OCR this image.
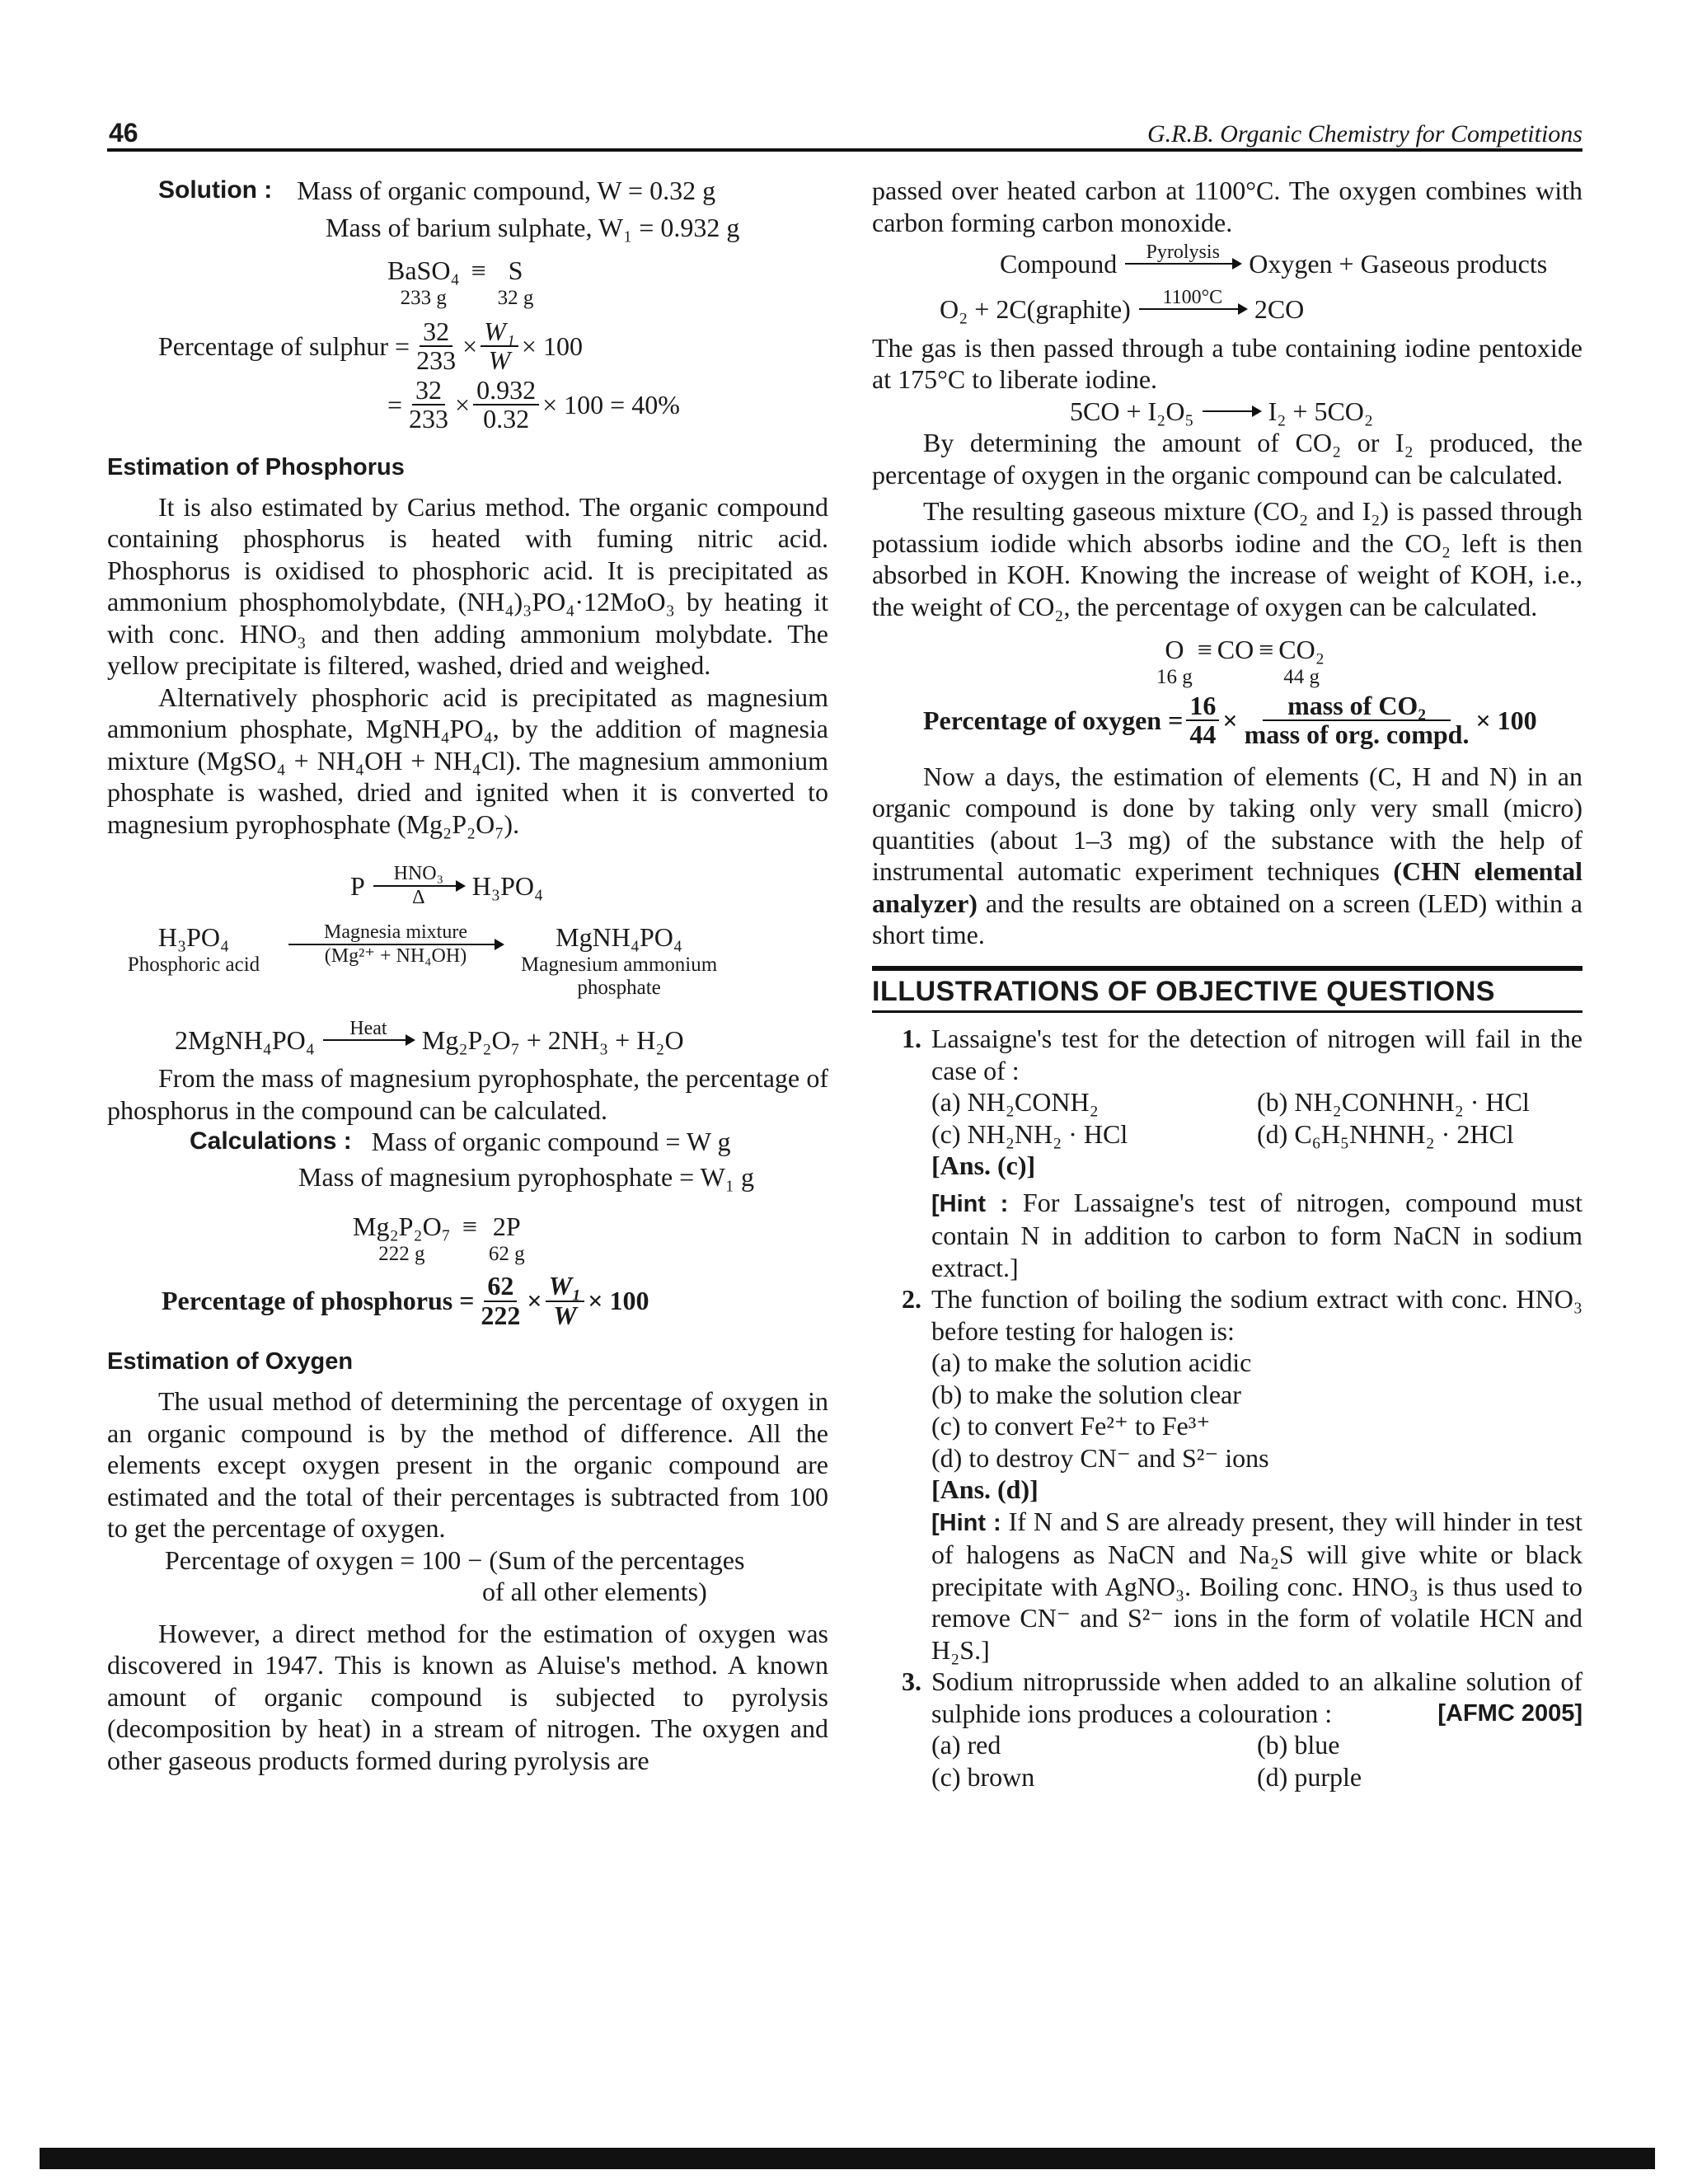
46	G.R.B. Organic Chemistry for Competitions
Solution : Mass of organic compound, W = 0.32 g
Mass of barium sulphate, W₁ = 0.932 g
BaSO₄
233 g
≡ S
32 g
Percentage of sulphur = $\frac{32}{233} \times \frac{\text{W₁}}{W} \times 100$
= $\frac{32}{233} \times \frac{0.932}{0.32} \times 100 = 40\%$
Estimation of Phosphorus

It is also estimated by Carius method. The organic compound containing phosphorus is heated with fuming nitric acid. Phosphorus is oxidised to phosphoric acid. It is precipitated as ammonium phosphomolybdate, (NH₄)₃PO₄·12MoO₃ by heating it with conc. HNO₃ and then adding ammonium molybdate. The yellow precipitate is filtered, washed, dried and weighed.

Alternatively phosphoric acid is precipitated as magnesium ammonium phosphate, MgNH₄PO₄, by the addition of magnesia mixture (MgSO₄ + NH₄OH + NH₄Cl). The magnesium ammonium phosphate is washed, dried and ignited when it is converted to magnesium pyrophosphate (Mg₂P₂O₇).

P HNO₃
Δ H₃PO₄
H₃PO₄
Phosphoric acid
Magnesia mixture
(Mg²⁺ + NH₄OH)
MgNH₄PO₄
Magnesium ammonium
phosphate
2MgNH₄PO₄ Heat
Mg₂P₂O₇ + 2NH₃ + H₂O

From the mass of magnesium pyrophosphate, the percentage of phosphorus in the compound can be calculated.

Calculations : Mass of organic compound = W g
Mass of magnesium pyrophosphate = W₁ g
Mg₂P₂O₇
222 g
≡ 2P
62 g
Percentage of phosphorus = $\frac{62}{222} \times \frac{\text{W₁}}{W} \times 100$
Estimation of Oxygen

The usual method of determining the percentage of oxygen in an organic compound is by the method of difference. All the elements except oxygen present in the organic compound are estimated and the total of their percentages is subtracted from 100 to get the percentage of oxygen.

Percentage of oxygen = 100 − (Sum of the percentages
of all other elements)

However, a direct method for the estimation of oxygen was discovered in 1947. This is known as Aluise's method. A known amount of organic compound is subjected to pyrolysis (decomposition by heat) in a stream of nitrogen. The oxygen and other gaseous products formed during pyrolysis are

passed over heated carbon at 1100°C. The oxygen combines with carbon forming carbon monoxide.

Compound Pyrolysis
Oxygen + Gaseous products
O₂ + 2C(graphite) 1100°C
2CO

The gas is then passed through a tube containing iodine pentoxide at 175°C to liberate iodine.

5CO + I₂O₅ → I₂ + 5CO₂

By determining the amount of CO₂ or I₂ produced, the percentage of oxygen in the organic compound can be calculated.

The resulting gaseous mixture (CO₂ and I₂) is passed through potassium iodide which absorbs iodine and the CO₂ left is then absorbed in KOH. Knowing the increase of weight of KOH, i.e., the weight of CO₂, the percentage of oxygen can be calculated.

O
16 g
≡ CO ≡ CO₂
44 g
Percentage of oxygen = $\frac{16}{44} \times \frac{\text{mass of CO₂}}{\text{mass of org. compd.}} \times 100$

Now a days, the estimation of elements (C, H and N) in an organic compound is done by taking only very small (micro) quantities (about 1–3 mg) of the substance with the help of instrumental automatic experiment techniques (CHN elemental analyzer) and the results are obtained on a screen (LED) within a short time.

ILLUSTRATIONS OF OBJECTIVE QUESTIONS
1. Lassaigne's test for the detection of nitrogen will fail in the case of :

(a) NH₂CONH₂	(b) NH₂CONHNH₂ · HCl
(c) NH₂NH₂ · HCl	(d) C₆H₅NHNH₂ · 2HCl
[Ans. (c)]

[Hint : For Lassaigne's test of nitrogen, compound must contain N in addition to carbon to form NaCN in sodium extract.]

2. The function of boiling the sodium extract with conc. HNO₃ before testing for halogen is:

(a) to make the solution acidic
(b) to make the solution clear
(c) to convert Fe²⁺ to Fe³⁺
(d) to destroy CN⁻ and S²⁻ ions
[Ans. (d)]

[Hint : If N and S are already present, they will hinder in test of halogens as NaCN and Na₂S will give white or black precipitate with AgNO₃. Boiling conc. HNO₃ is thus used to remove CN⁻ and S²⁻ ions in the form of volatile HCN and H₂S.]

3. Sodium nitroprusside when added to an alkaline solution of sulphide ions produces a colouration :	[AFMC 2005]

(a) red	(b) blue
(c) brown	(d) purple
